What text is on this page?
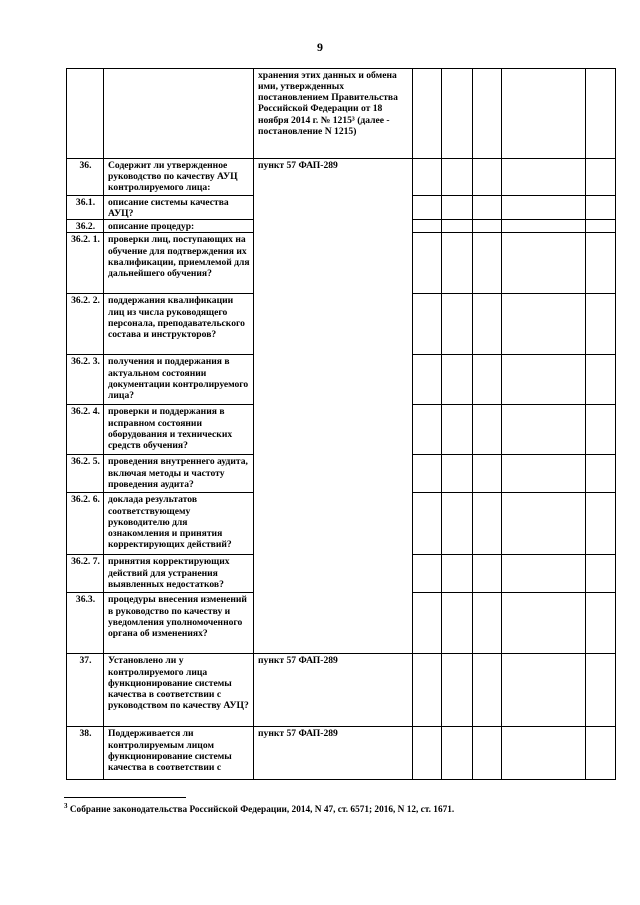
9
		хранения этих данных и обмена ими, утвержденных постановлением Правительства Российской Федерации от 18 ноября 2014 г. № 1215³ (далее - постановление N 1215)					
36.	Содержит ли утвержденное руководство по качеству АУЦ контролируемого лица:	пункт 57 ФАП-289					
36.1.	описание системы качества АУЦ?						
36.2.	описание процедур:						
36.2. 1.	проверки лиц, поступающих на обучение для подтверждения их квалификации, приемлемой для дальнейшего обучения?						
36.2. 2.	поддержания квалификации лиц из числа руководящего персонала, преподавательского состава и инструкторов?						
36.2. 3.	получения и поддержания в актуальном состоянии документации контролируемого лица?						
36.2. 4.	проверки и поддержания в исправном состоянии оборудования и технических средств обучения?						
36.2. 5.	проведения внутреннего аудита, включая методы и частоту проведения аудита?						
36.2. 6.	доклада результатов соответствующему руководителю для ознакомления и принятия корректирующих действий?						
36.2. 7.	принятия корректирующих действий для устранения выявленных недостатков?						
36.3.	процедуры внесения изменений в руководство по качеству и уведомления уполномоченного органа об изменениях?						
37.	Установлено ли у контролируемого лица функционирование системы качества в соответствии с руководством по качеству АУЦ?	пункт 57 ФАП-289					
38.	Поддерживается ли контролируемым лицом функционирование системы качества в соответствии с	пункт 57 ФАП-289					
$^3$ Собрание законодательства Российской Федерации, 2014, N 47, ст. 6571; 2016, N 12, ст. 1671.
